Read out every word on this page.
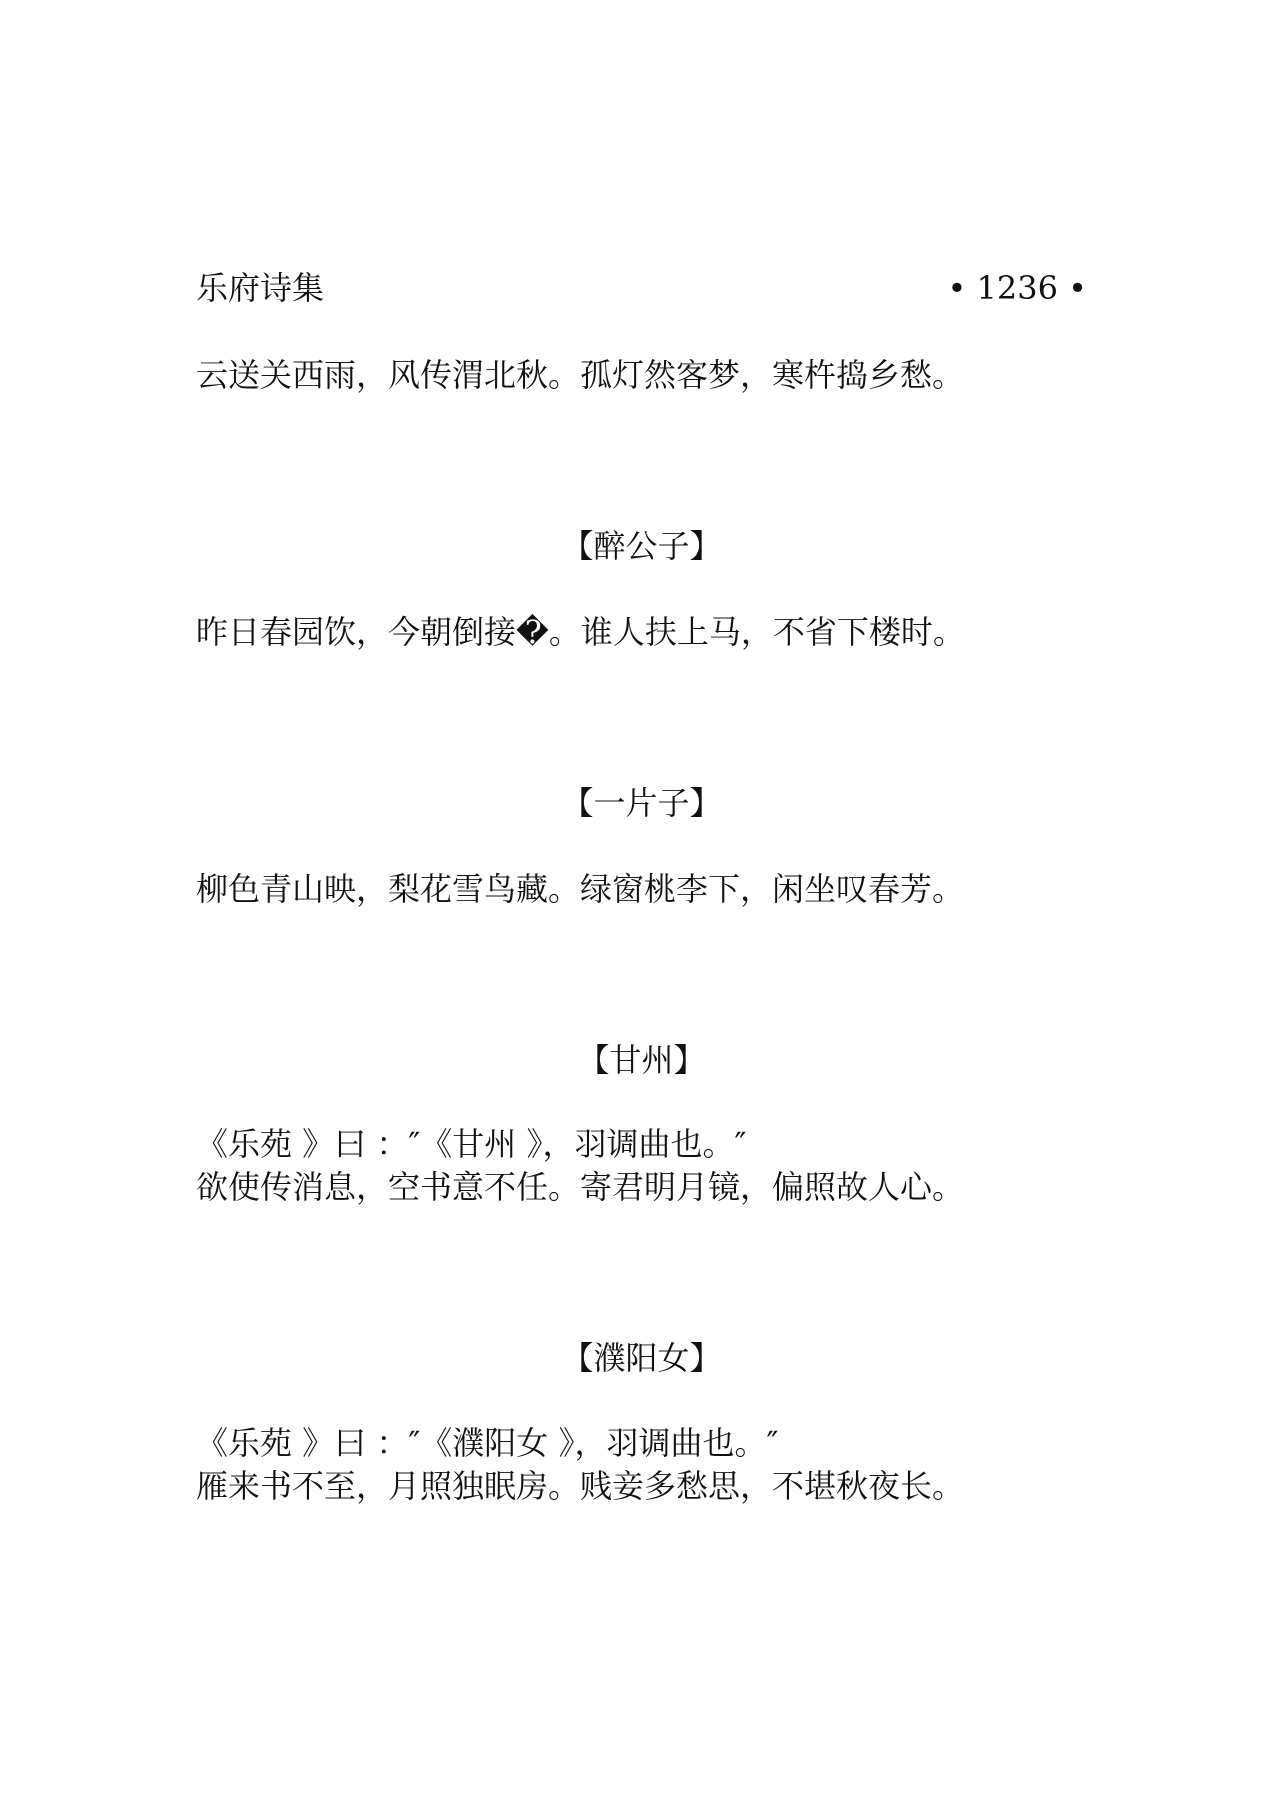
乐府诗集	• 1236 •
云送关西雨，风传渭北秋。孤灯然客梦，寒杵捣乡愁。
【醉公子】
昨日春园饮，今朝倒接�。谁人扶上马，不省下楼时。
【一片子】
柳色青山映，梨花雪鸟藏。绿窗桃李下，闲坐叹春芳。
【甘州】
《乐苑 》曰 ：″《甘州 》，羽调曲也。″
欲使传消息，空书意不任。寄君明月镜，偏照故人心。
【濮阳女】
《乐苑 》曰 ：″《濮阳女 》，羽调曲也。″
雁来书不至，月照独眠房。贱妾多愁思，不堪秋夜长。
